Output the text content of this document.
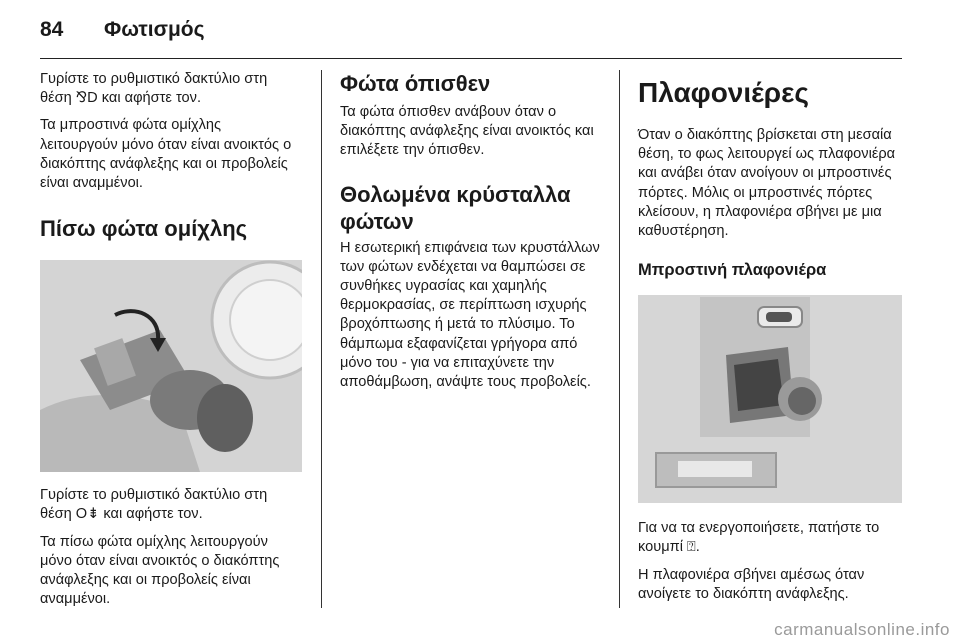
84 Φωτισμός

Γυρίστε το ρυθμιστικό δακτύλιο στη θέση ⅋D και αφήστε τον.

Τα μπροστινά φώτα ομίχλης λειτουργούν μόνο όταν είναι ανοικτός ο διακόπτης ανάφλεξης και οι προβολείς είναι αναμμένοι.

Πίσω φώτα ομίχλης

Γυρίστε το ρυθμιστικό δακτύλιο στη θέση O⇟ και αφήστε τον.

Τα πίσω φώτα ομίχλης λειτουργούν μόνο όταν είναι ανοικτός ο διακόπτης ανάφλεξης και οι προβολείς είναι αναμμένοι.

Φώτα όπισθεν

Τα φώτα όπισθεν ανάβουν όταν ο διακόπτης ανάφλεξης είναι ανοικτός και επιλέξετε την όπισθεν.

Θολωμένα κρύσταλλα φώτων

Η εσωτερική επιφάνεια των κρυστάλλων των φώτων ενδέχεται να θαμπώσει σε συνθήκες υγρασίας και χαμηλής θερμοκρασίας, σε περίπτωση ισχυρής βροχόπτωσης ή μετά το πλύσιμο. Το θάμπωμα εξαφανίζεται γρήγορα από μόνο του - για να επιταχύνετε την αποθάμβωση, ανάψτε τους προβολείς.

Πλαφονιέρες

Όταν ο διακόπτης βρίσκεται στη μεσαία θέση, το φως λειτουργεί ως πλαφονιέρα και ανάβει όταν ανοίγουν οι μπροστινές πόρτες. Μόλις οι μπροστινές πόρτες κλείσουν, η πλαφονιέρα σβήνει με μια καθυστέρηση.

Μπροστινή πλαφονιέρα

Για να τα ενεργοποιήσετε, πατήστε το κουμπί ⍰.

Η πλαφονιέρα σβήνει αμέσως όταν ανοίγετε το διακόπτη ανάφλεξης.

carmanualsonline.info
